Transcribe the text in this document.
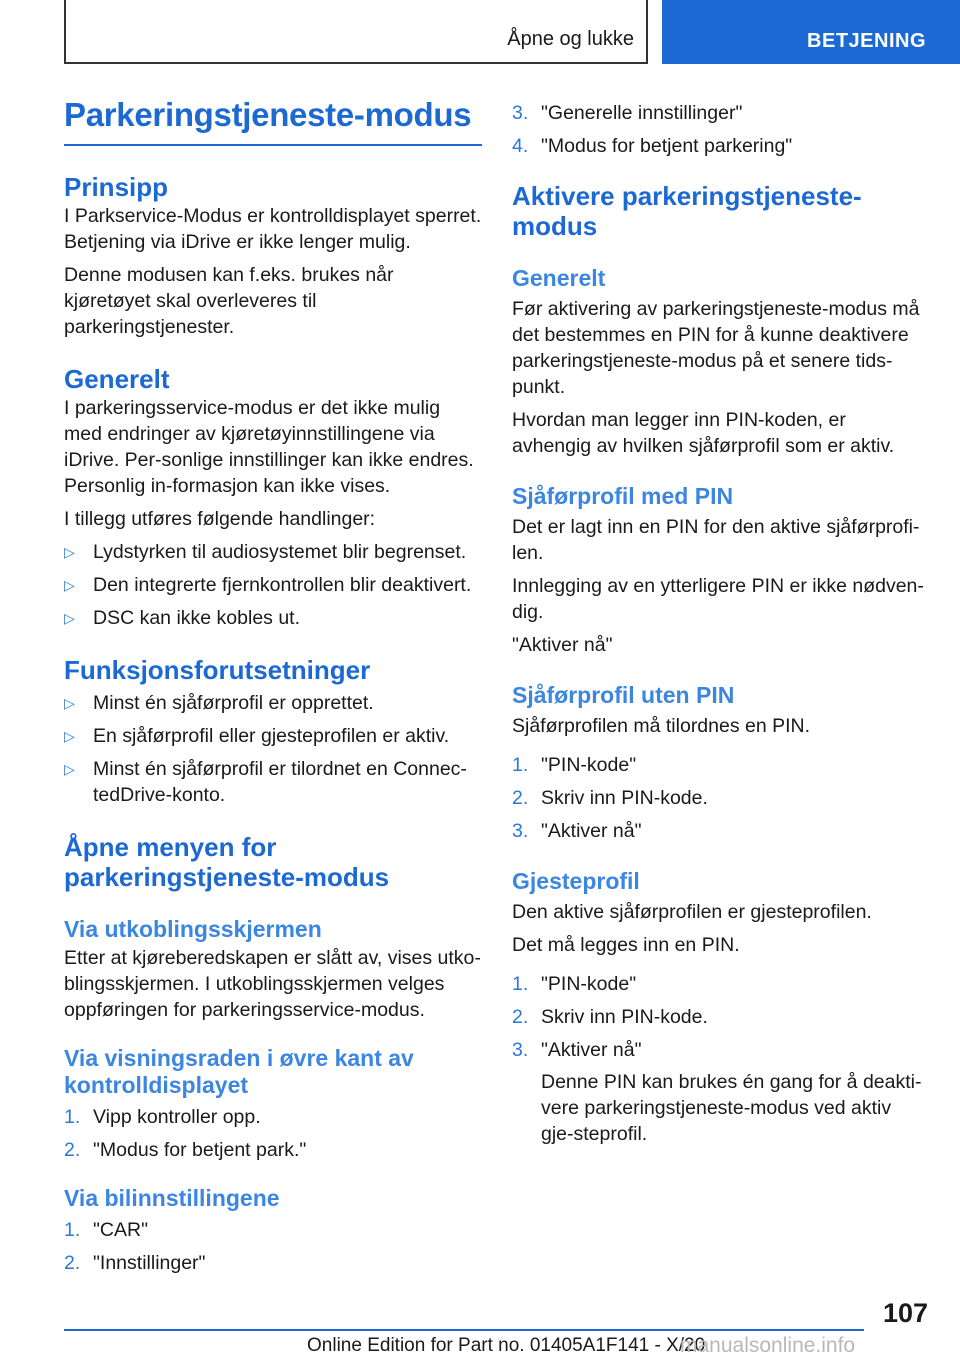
Åpne og lukke	BETJENING
Parkeringstjeneste-modus
Prinsipp

I Parkservice-Modus er kontrolldisplayet sperret. Betjening via iDrive er ikke lenger mulig.

Denne modusen kan f.eks. brukes når kjøretøyet skal overleveres til parkeringstjenester.

Generelt

I parkeringsservice-modus er det ikke mulig med endringer av kjøretøyinnstillingene via iDrive. Per‐sonlige innstillinger kan ikke endres. Personlig in‐formasjon kan ikke vises.

I tillegg utføres følgende handlinger:

▷ Lydstyrken til audiosystemet blir begrenset.
▷ Den integrerte fjernkontrollen blir deaktivert.
▷ DSC kan ikke kobles ut.
Funksjonsforutsetninger
▷ Minst én sjåførprofil er opprettet.
▷ En sjåførprofil eller gjesteprofilen er aktiv.
▷ Minst én sjåførprofil er tilordnet en Connec‐tedDrive-konto.
Åpne menyen for parkeringstjeneste-modus
Via utkoblingsskjermen

Etter at kjøreberedskapen er slått av, vises utko‐blingsskjermen. I utkoblingsskjermen velges oppføringen for parkeringsservice-modus.

Via visningsraden i øvre kant av kontrolldisplayet
1. Vipp kontroller opp.
2. "Modus for betjent park."
Via bilinnstillingene
1. "CAR"
2. "Innstillinger"
3. "Generelle innstillinger"
4. "Modus for betjent parkering"
Aktivere parkeringstjeneste-modus
Generelt

Før aktivering av parkeringstjeneste-modus må det bestemmes en PIN for å kunne deaktivere parkeringstjeneste-modus på et senere tids‐punkt.

Hvordan man legger inn PIN-koden, er avhengig av hvilken sjåførprofil som er aktiv.

Sjåførprofil med PIN

Det er lagt inn en PIN for den aktive sjåførprofi‐len.

Innlegging av en ytterligere PIN er ikke nødven‐dig.

"Aktiver nå"

Sjåførprofil uten PIN

Sjåførprofilen må tilordnes en PIN.

1. "PIN-kode"
2. Skriv inn PIN-kode.
3. "Aktiver nå"
Gjesteprofil

Den aktive sjåførprofilen er gjesteprofilen.

Det må legges inn en PIN.

1. "PIN-kode"
2. Skriv inn PIN-kode.
3. "Aktiver nå"
Denne PIN kan brukes én gang for å deakti‐vere parkeringstjeneste-modus ved aktiv gje‐steprofil.
107
Online Edition for Part no. 01405A1F141 - X/20
manualsonline.info
